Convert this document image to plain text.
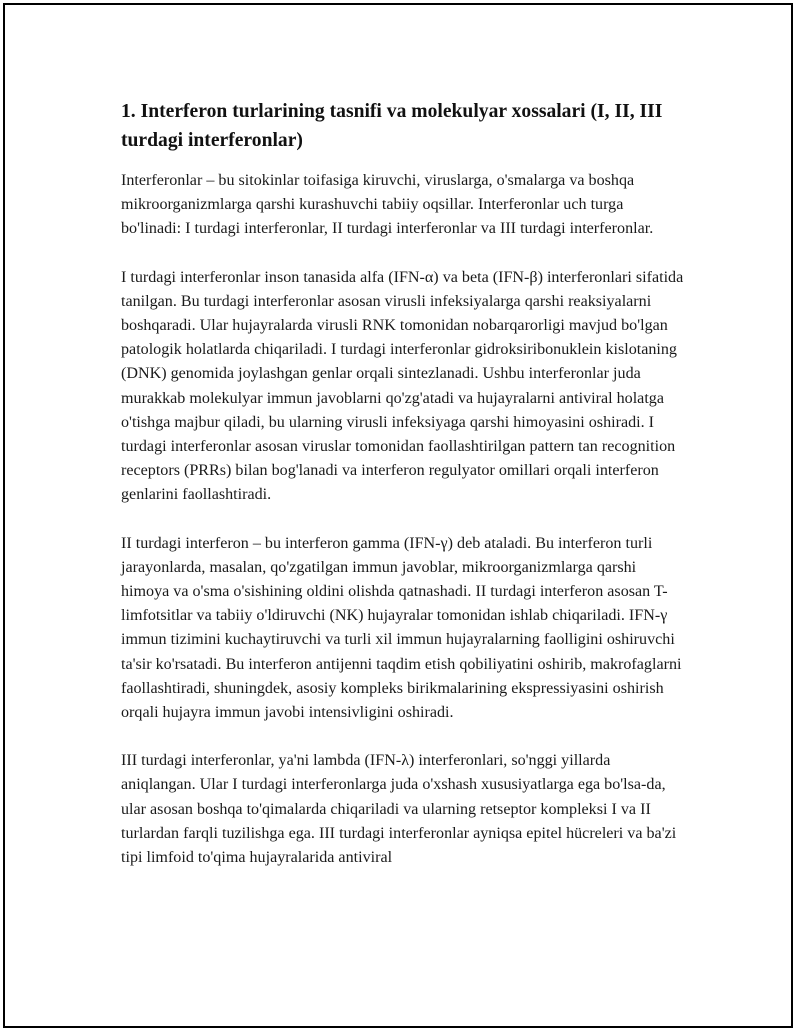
1. Interferon turlarining tasnifi va molekulyar xossalari (I, II, III turdagi interferonlar)

Interferonlar – bu sitokinlar toifasiga kiruvchi, viruslarga, o'smalarga va boshqa mikroorganizmlarga qarshi kurashuvchi tabiiy oqsillar. Interferonlar uch turga bo'linadi: I turdagi interferonlar, II turdagi interferonlar va III turdagi interferonlar.

I turdagi interferonlar inson tanasida alfa (IFN-α) va beta (IFN-β) interferonlari sifatida tanilgan. Bu turdagi interferonlar asosan virusli infeksiyalarga qarshi reaksiyalarni boshqaradi. Ular hujayralarda virusli RNK tomonidan nobarqarorligi mavjud bo'lgan patologik holatlarda chiqariladi. I turdagi interferonlar gidroksiribonuklein kislotaning (DNK) genomida joylashgan genlar orqali sintezlanadi. Ushbu interferonlar juda murakkab molekulyar immun javoblarni qo'zg'atadi va hujayralarni antiviral holatga o'tishga majbur qiladi, bu ularning virusli infeksiyaga qarshi himoyasini oshiradi. I turdagi interferonlar asosan viruslar tomonidan faollashtirilgan pattern tan recognition receptors (PRRs) bilan bog'lanadi va interferon regulyator omillari orqali interferon genlarini faollashtiradi.

II turdagi interferon – bu interferon gamma (IFN-γ) deb ataladi. Bu interferon turli jarayonlarda, masalan, qo'zgatilgan immun javoblar, mikroorganizmlarga qarshi himoya va o'sma o'sishining oldini olishda qatnashadi. II turdagi interferon asosan T-limfotsitlar va tabiiy o'ldiruvchi (NK) hujayralar tomonidan ishlab chiqariladi. IFN-γ immun tizimini kuchaytiruvchi va turli xil immun hujayralarning faolligini oshiruvchi ta'sir ko'rsatadi. Bu interferon antijenni taqdim etish qobiliyatini oshirib, makrofaglarni faollashtiradi, shuningdek, asosiy kompleks birikmalarining ekspressiyasini oshirish orqali hujayra immun javobi intensivligini oshiradi.

III turdagi interferonlar, ya'ni lambda (IFN-λ) interferonlari, so'nggi yillarda aniqlangan. Ular I turdagi interferonlarga juda o'xshash xususiyatlarga ega bo'lsa-da, ular asosan boshqa to'qimalarda chiqariladi va ularning retseptor kompleksi I va II turlardan farqli tuzilishga ega. III turdagi interferonlar ayniqsa epitel hücreleri va ba'zi tipi limfoid to'qima hujayralarida antiviral
